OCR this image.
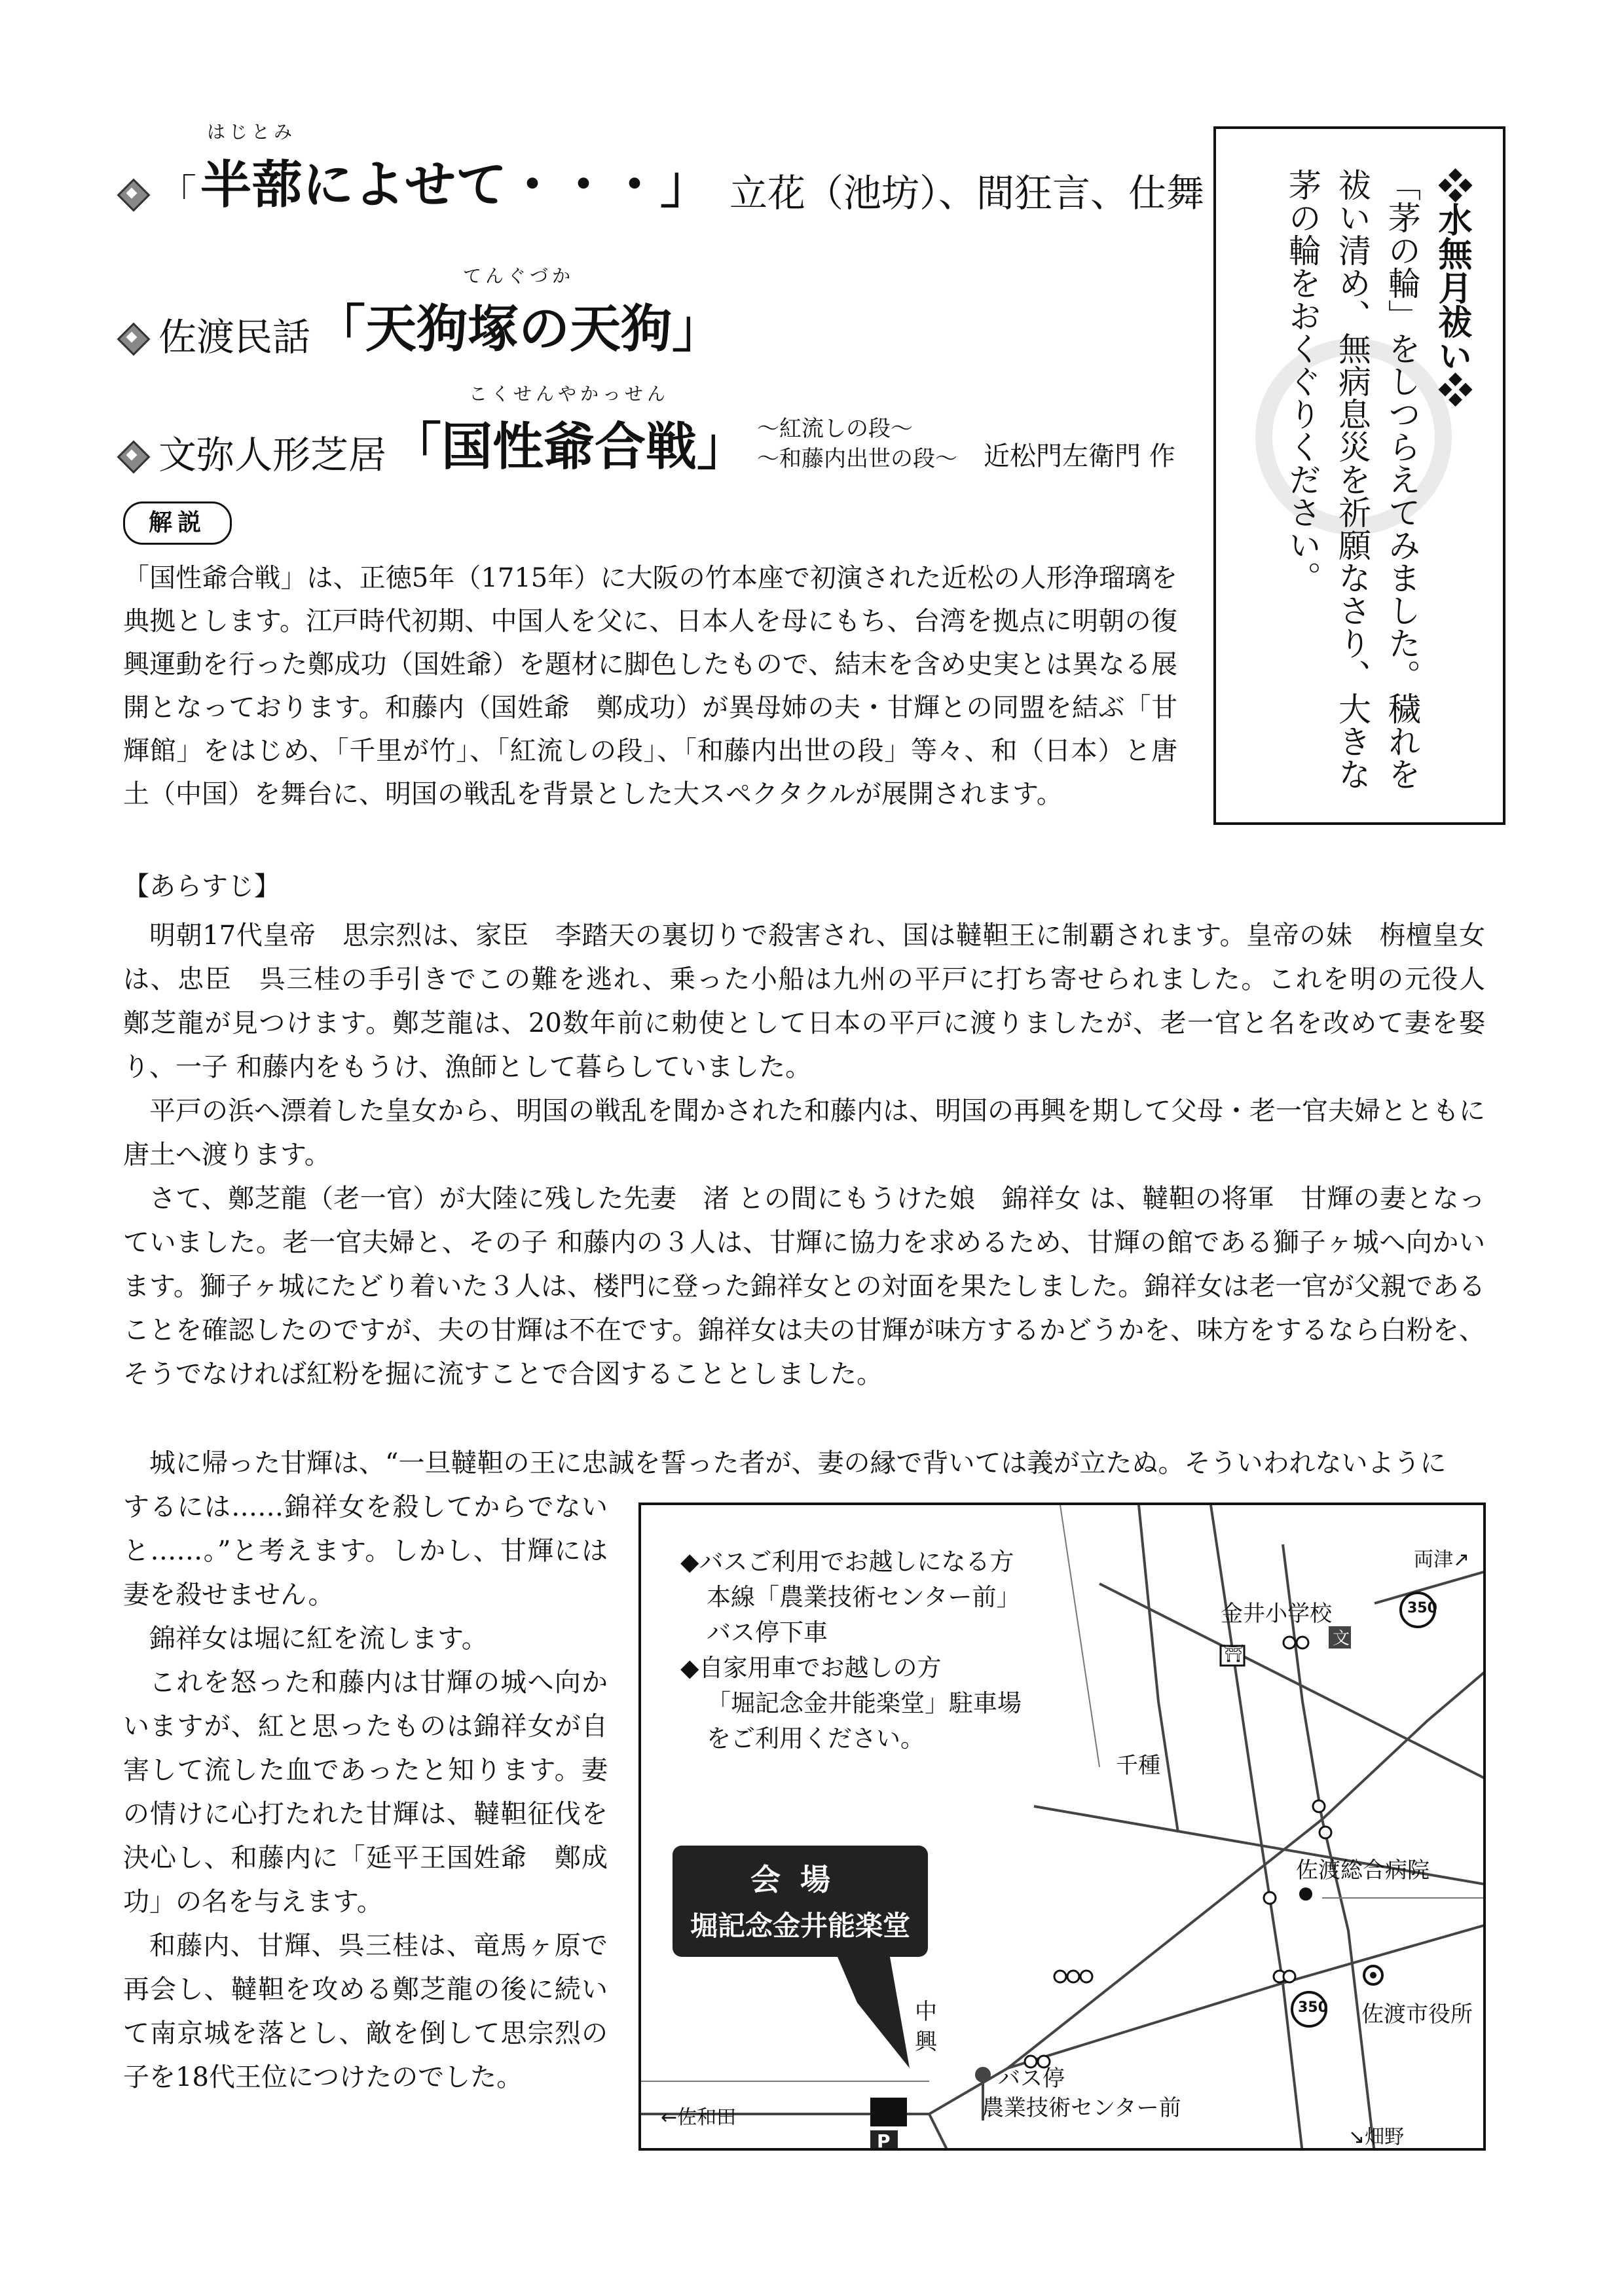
「
はじとみ
半蔀 によせて・・・」 立花（池坊）、間狂言、仕舞
佐渡民話
てんぐづか
「天狗塚の天狗」
文弥人形芝居
こくせんやかっせん
「国性爺合戦」 〜紅流しの段〜
〜和藤内出世の段〜 近松門左衛門 作
解説

「国性爺合戦」は、正徳5年（1715年）に大阪の竹本座で初演された近松の人形浄瑠璃を典拠とします。江戸時代初期、中国人を父に、日本人を母にもち、台湾を拠点に明朝の復興運動を行った鄭成功（国姓爺）を題材に脚色したもので、結末を含め史実とは異なる展開となっております。和藤内（国姓爺　鄭成功）が異母姉の夫・甘輝との同盟を結ぶ「甘輝館」をはじめ、「千里が竹」、「紅流しの段」、「和藤内出世の段」等々、和（日本）と唐土（中国）を舞台に、明国の戦乱を背景とした大スペクタクルが展開されます。

❖水無月祓い❖
「茅の輪」をしつらえてみました。穢れを祓い清め、無病息災を祈願なさり、大きな茅の輪をおくぐりください。
【あらすじ】

明朝17代皇帝　思宗烈は、家臣　李踏天の裏切りで殺害され、国は韃靼王に制覇されます。皇帝の妹　栴檀皇女は、忠臣　呉三桂の手引きでこの難を逃れ、乗った小船は九州の平戸に打ち寄せられました。これを明の元役人　鄭芝龍が見つけます。鄭芝龍は、20数年前に勅使として日本の平戸に渡りましたが、老一官と名を改めて妻を娶り、一子 和藤内をもうけ、漁師として暮らしていました。

平戸の浜へ漂着した皇女から、明国の戦乱を聞かされた和藤内は、明国の再興を期して父母・老一官夫婦とともに唐土へ渡ります。

さて、鄭芝龍（老一官）が大陸に残した先妻　渚 との間にもうけた娘　錦祥女 は、韃靼の将軍　甘輝の妻となっていました。老一官夫婦と、その子 和藤内の３人は、甘輝に協力を求めるため、甘輝の館である獅子ヶ城へ向かいます。獅子ヶ城にたどり着いた３人は、楼門に登った錦祥女との対面を果たしました。錦祥女は老一官が父親であることを確認したのですが、夫の甘輝は不在です。錦祥女は夫の甘輝が味方するかどうかを、味方をするなら白粉を、そうでなければ紅粉を掘に流すことで合図することとしました。

城に帰った甘輝は、“一旦韃靼の王に忠誠を誓った者が、妻の縁で背いては義が立たぬ。そういわれないように

するには……錦祥女を殺してからでないと……。”と考えます。しかし、甘輝には妻を殺せません。

錦祥女は堀に紅を流します。

これを怒った和藤内は甘輝の城へ向かいますが、紅と思ったものは錦祥女が自害して流した血であったと知ります。妻の情けに心打たれた甘輝は、韃靼征伐を決心し、和藤内に「延平王国姓爺　鄭成功」の名を与えます。

和藤内、甘輝、呉三桂は、竜馬ヶ原で再会し、韃靼を攻める鄭芝龍の後に続いて南京城を落とし、敵を倒して思宗烈の子を18代王位につけたのでした。

◆バスご利用でお越しになる方
本線「農業技術センター前」
バス停下車
◆自家用車でお越しの方
「堀記念金井能楽堂」駐車場
をご利用ください。
会場
堀記念金井能楽堂
金井小学校
両津↗
文
⛩
350
350
千種
佐渡総合病院
佐渡市役所
中
興
バス停
農業技術センター前
←佐和田
↘畑野
P
